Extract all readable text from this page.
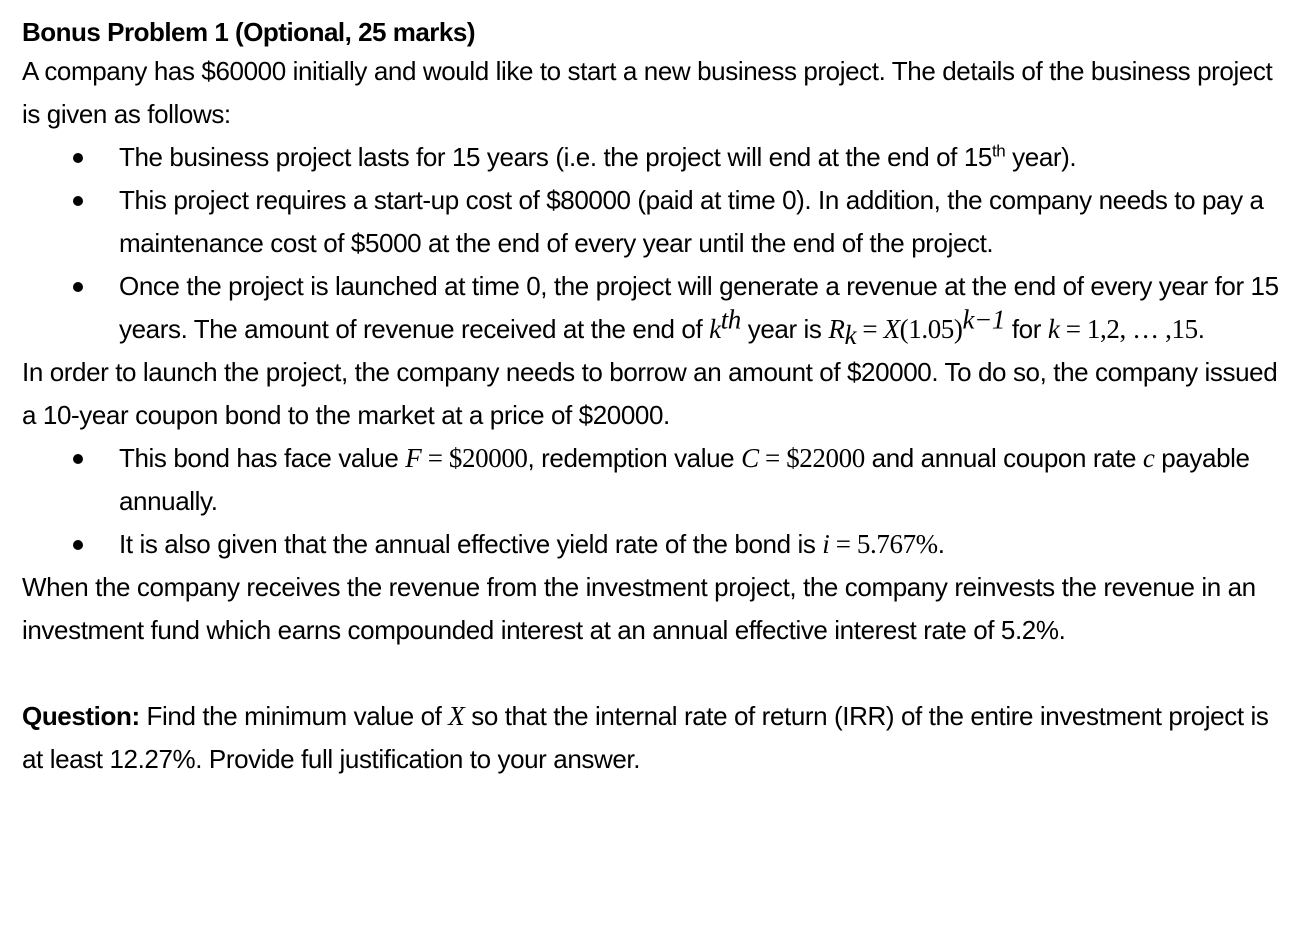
Bonus Problem 1 (Optional, 25 marks)

A company has $60000 initially and would like to start a new business project. The details of the business project is given as follows:

The business project lasts for 15 years (i.e. the project will end at the end of 15th year).
This project requires a start-up cost of $80000 (paid at time 0). In addition, the company needs to pay a maintenance cost of $5000 at the end of every year until the end of the project.
Once the project is launched at time 0, the project will generate a revenue at the end of every year for 15 years. The amount of revenue received at the end of $k^{th}$ year is $R_k = X(1.05)^{k-1}$ for k = 1,2, … ,15.

In order to launch the project, the company needs to borrow an amount of $20000. To do so, the company issued a 10-year coupon bond to the market at a price of $20000.

This bond has face value F = $20000, redemption value C = $22000 and annual coupon rate c payable annually.
It is also given that the annual effective yield rate of the bond is i = 5.767%.

When the company receives the revenue from the investment project, the company reinvests the revenue in an investment fund which earns compounded interest at an annual effective interest rate of 5.2%.

Question: Find the minimum value of X so that the internal rate of return (IRR) of the entire investment project is at least 12.27%. Provide full justification to your answer.
